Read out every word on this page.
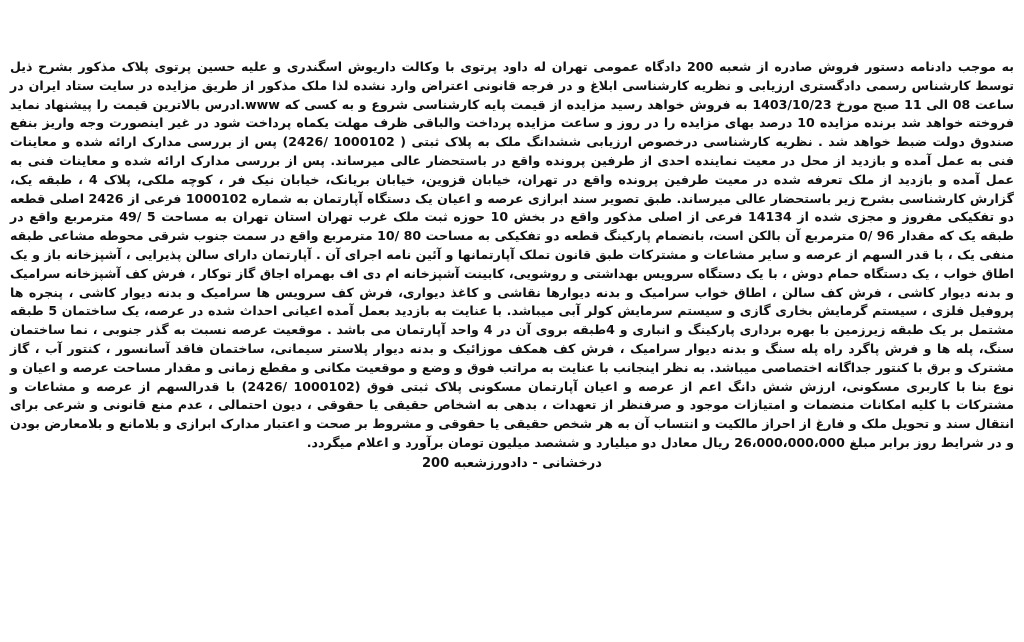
به موجب دادنامه دستور فروش صادره از شعبه 200 دادگاه عمومی تهران له داود پرتوی با وکالت داریوش اسگندری و علیه حسین پرتوی پلاک مذکور بشرح ذیل توسط کارشناس رسمی دادگستری ارزیابی و نظریه کارشناسی ابلاغ و در فرجه قانونی اعتراض وارد نشده لذا ملک مذکور از طریق مزایده در سایت ستاد ایران در ساعت 08 الی 11 صبح مورخ 1403/10/23 به فروش خواهد رسید مزایده از قیمت پایه کارشناسی شروع و به کسی که www.ادرس بالاترین قیمت را پیشنهاد نماید فروخته خواهد شد برنده مزایده 10 درصد بهای مزایده را در روز و ساعت مزایده پرداخت والباقی ظرف مهلت یکماه پرداخت شود در غیر اینصورت وجه واریز بنفع صندوق دولت ضبط خواهد شد . نظریه کارشناسی درخصوص ارزیابی ششدانگ ملک به پلاک ثبتی ( 1000102 /2426) پس از بررسی مدارک ارائه شده و معاینات فنی به عمل آمده و بازدید از محل در معیت نماینده احدی از طرفین پرونده واقع در باستحضار عالی میرساند. پس از بررسی مدارک ارائه شده و معاینات فنی به عمل آمده و بازدید از ملک تعرفه شده در معیت طرفین پرونده واقع در تهران، خیابان قزوین، خیابان بریانک، خیابان نیک فر ، کوچه ملکی، پلاک 4 ، طبقه یک، گزارش کارشناسی بشرح زیر باستحضار عالی میرساند. طبق تصویر سند ابرازی عرصه و اعیان یک دستگاه آپارتمان به شماره 1000102 فرعی از 2426 اصلی قطعه دو تفکیکی مفروز و مجزی شده از 14134 فرعی از اصلی مذکور واقع در بخش 10 حوزه ثبت ملک غرب تهران استان تهران به مساحت 5 /49 مترمربع واقع در طبقه یک که مقدار 96 /0 مترمربع آن بالکن است، بانضمام پارکینگ قطعه دو تفکیکی به مساحت 80 /10 مترمربع واقع در سمت جنوب شرقی محوطه مشاعی طبقه منفی یک ، با قدر السهم از عرصه و سایر مشاعات و مشترکات طبق قانون تملک آپارتمانها و آئین نامه اجرای آن . آپارتمان دارای سالن پذیرایی ، آشپزخانه باز و یک اطاق خواب ، یک دستگاه حمام دوش ، با یک دستگاه سرویس بهداشتی و روشویی، کابینت آشپزخانه ام دی اف بهمراه اجاق گاز توکار ، فرش کف آشپزخانه سرامیک و بدنه دیوار کاشی ، فرش کف سالن ، اطاق خواب سرامیک و بدنه دیوارها نقاشی و کاغذ دیواری، فرش کف سرویس ها سرامیک و بدنه دیوار کاشی ، پنجره ها پروفیل فلزی ، سیستم گرمایش بخاری گازی و سیستم سرمایش کولر آبی میباشد. با عنایت به بازدید بعمل آمده اعیانی احداث شده در عرصه، یک ساختمان 5 طبقه مشتمل بر یک طبقه زیرزمین با بهره برداری پارکینگ و انباری و 4طبقه بروی آن در 4 واحد آپارتمان می باشد . موقعیت عرصه نسبت به گذر جنوبی ، نما ساختمان سنگ، پله ها و فرش پاگرد راه پله سنگ و بدنه دیوار سرامیک ، فرش کف همکف موزائیک و بدنه دیوار پلاستر سیمانی، ساختمان فاقد آسانسور ، کنتور آب ، گاز مشترک و برق با کنتور جداگانه اختصاصی میباشد. به نظر اینجانب با عنایت به مراتب فوق و وضع و موقعیت مکانی و مقطع زمانی و مقدار مساحت عرصه و اعیان و نوع بنا با کاربری مسکونی، ارزش شش دانگ اعم از عرصه و اعیان آپارتمان مسکونی پلاک ثبتی فوق (1000102 /2426) با قدرالسهم از عرصه و مشاعات و مشترکات با کلیه امکانات منضمات و امتیازات موجود و صرفنظر از تعهدات ، بدهی به اشخاص حقیقی یا حقوقی ، دیون احتمالی ، عدم منع قانونی و شرعی برای انتقال سند و تحویل ملک و فارغ از احراز مالکیت و انتساب آن به هر شخص حقیقی یا حقوقی و مشروط بر صحت و اعتبار مدارک ابرازی و بلامانع و بلامعارض بودن و در شرایط روز برابر مبلغ 26،000،000،000 ریال معادل دو میلیارد و ششصد میلیون تومان برآورد و اعلام میگردد.

درخشانی - دادورزشعبه 200
